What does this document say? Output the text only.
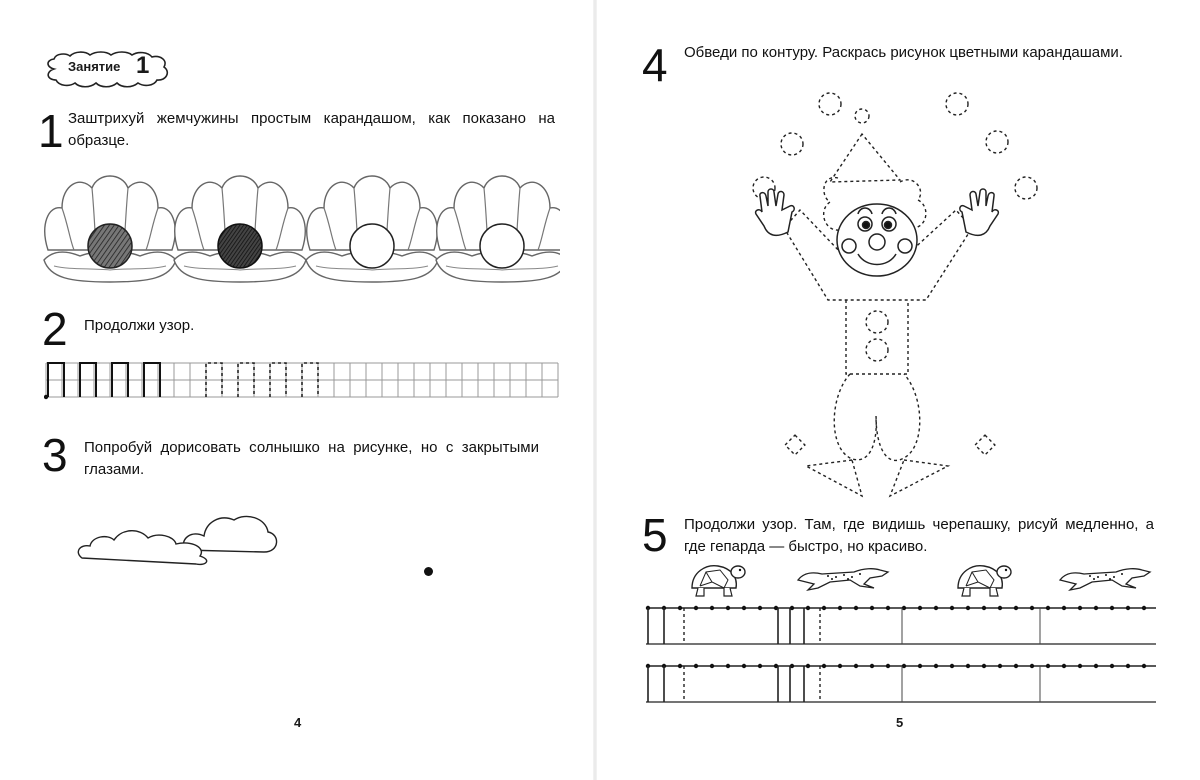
Занятие 1
1 Заштрихуй жемчужины простым карандашом, как показано на образце.
2 Продолжи узор.
3 Попробуй дорисовать солнышко на рисунке, но с закрытыми глазами.
4
4 Обведи по контуру. Раскрась рисунок цветными карандашами.
5 Продолжи узор. Там, где видишь черепашку, рисуй медленно, а где гепарда — быстро, но красиво.
5
